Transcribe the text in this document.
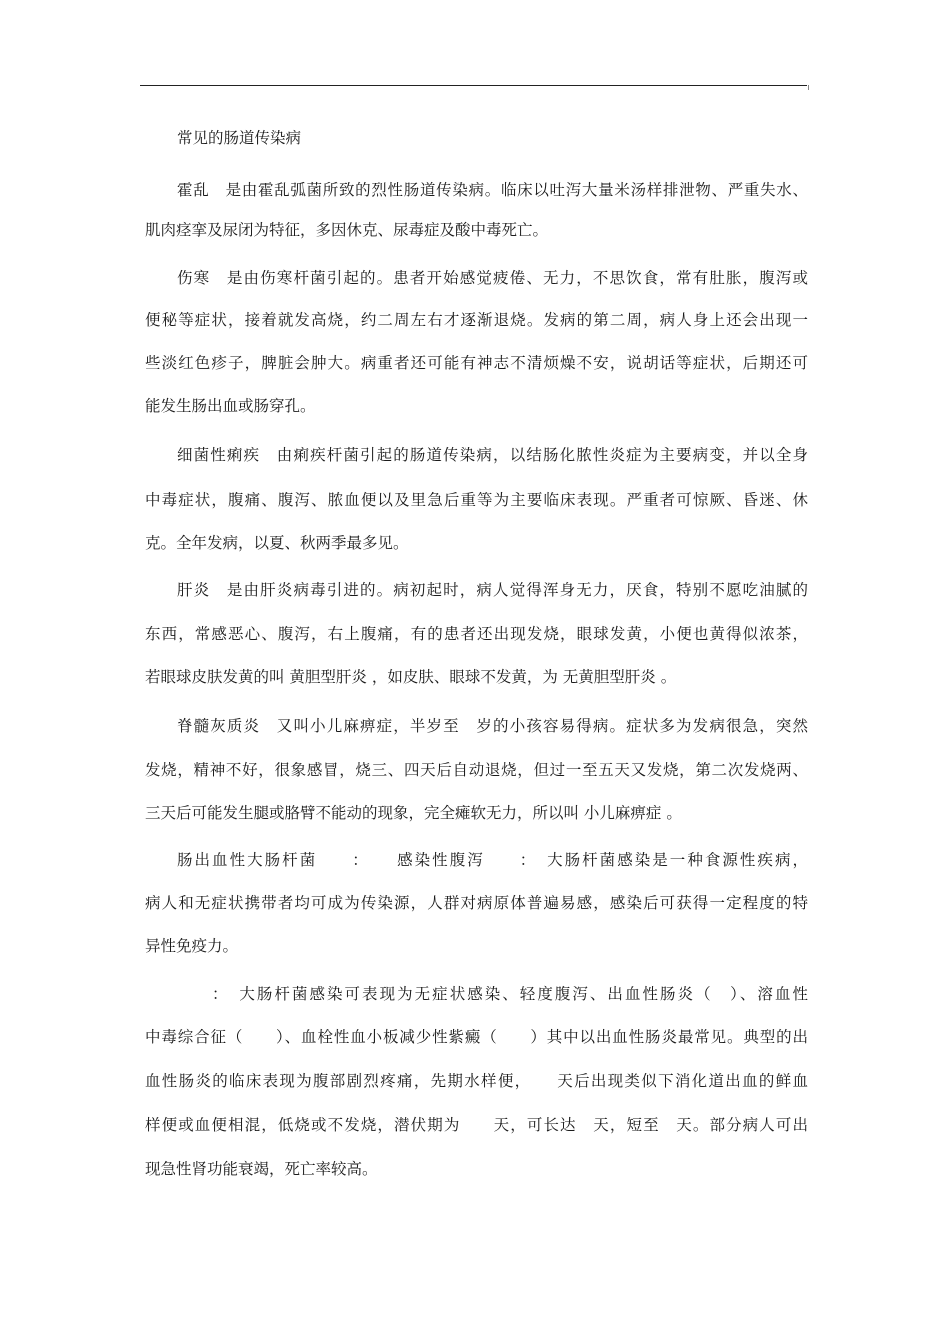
常见的肠道传染病
霍乱　是由霍乱弧菌所致的烈性肠道传染病。临床以吐泻大量米汤样排泄物、严重失水、
肌肉痉挛及尿闭为特征，多因休克、尿毒症及酸中毒死亡。
伤寒　是由伤寒杆菌引起的。患者开始感觉疲倦、无力，不思饮食，常有肚胀，腹泻或
便秘等症状，接着就发高烧，约二周左右才逐渐退烧。发病的第二周，病人身上还会出现一
些淡红色疹子，脾脏会肿大。病重者还可能有神志不清烦燥不安，说胡话等症状，后期还可
能发生肠出血或肠穿孔。
细菌性痢疾　由痢疾杆菌引起的肠道传染病，以结肠化脓性炎症为主要病变，并以全身
中毒症状，腹痛、腹泻、脓血便以及里急后重等为主要临床表现。严重者可惊厥、昏迷、休
克。全年发病，以夏、秋两季最多见。
肝炎　是由肝炎病毒引进的。病初起时，病人觉得浑身无力，厌食，特别不愿吃油腻的
东西，常感恶心、腹泻，右上腹痛，有的患者还出现发烧，眼球发黄，小便也黄得似浓茶，
若眼球皮肤发黄的叫 黄胆型肝炎 ，如皮肤、眼球不发黄，为 无黄胆型肝炎 。
脊髓灰质炎　又叫小儿麻痹症，半岁至　岁的小孩容易得病。症状多为发病很急，突然
发烧，精神不好，很象感冒，烧三、四天后自动退烧，但过一至五天又发烧，第二次发烧两、
三天后可能发生腿或胳臂不能动的现象，完全瘫软无力，所以叫 小儿麻痹症 。
肠出血性大肠杆菌　　：　　感染性腹泻　　：　大肠杆菌感染是一种食源性疾病，
病人和无症状携带者均可成为传染源，人群对病原体普遍易感，感染后可获得一定程度的特
异性免疫力。
　　：　大肠杆菌感染可表现为无症状感染、轻度腹泻、出血性肠炎（　）、溶血性
中毒综合征（　　）、血栓性血小板减少性紫癜（　　）其中以出血性肠炎最常见。典型的出
血性肠炎的临床表现为腹部剧烈疼痛，先期水样便，　　天后出现类似下消化道出血的鲜血
样便或血便相混，低烧或不发烧，潜伏期为　　天，可长达　天，短至　天。部分病人可出
现急性肾功能衰竭，死亡率较高。
